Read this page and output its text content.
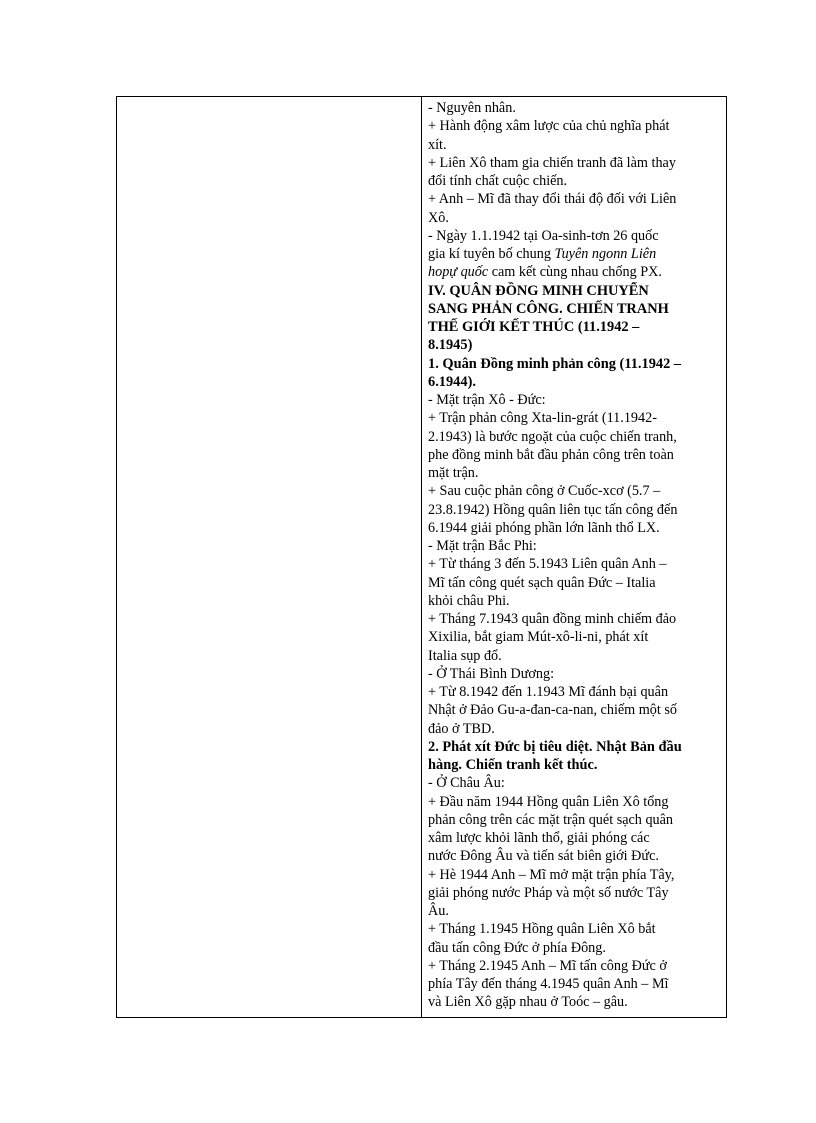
- Nguyên nhân.
+ Hành động xâm lược của chủ nghĩa phát
xít.
+ Liên Xô tham gia chiến tranh đã làm thay
đổi tính chất cuộc chiến.
+ Anh – Mĩ đã thay đổi thái độ đối với Liên
Xô.
- Ngày 1.1.1942 tại Oa-sinh-tơn 26 quốc
gia kí tuyên bố chung Tuyên ngonn Liên
hopự quốc cam kết cùng nhau chống PX.
IV. QUÂN ĐỒNG MINH CHUYỂN
SANG PHẢN CÔNG. CHIẾN TRANH
THẾ GIỚI KẾT THÚC (11.1942 –
8.1945)
1. Quân Đồng minh phản công (11.1942 –
6.1944).
- Mặt trận Xô - Đức:
+ Trận phản công Xta-lin-grát (11.1942-
2.1943) là bước ngoặt của cuộc chiến tranh,
phe đồng minh bắt đầu phản công trên toàn
mặt trận.
+ Sau cuộc phản công ở Cuốc-xcơ (5.7 –
23.8.1942) Hồng quân liên tục tấn công đến
6.1944 giải phóng phần lớn lãnh thổ LX.
- Mặt trận Bắc Phi:
+ Từ tháng 3 đến 5.1943 Liên quân Anh –
Mĩ tấn công quét sạch quân Đức – Italia
khỏi châu Phi.
+ Tháng 7.1943 quân đồng minh chiếm đảo
Xixilia, bắt giam Mút-xô-li-ni, phát xít
Italia sụp đổ.
- Ở Thái Bình Dương:
+ Từ 8.1942 đến 1.1943 Mĩ đánh bại quân
Nhật ở Đảo Gu-a-đan-ca-nan, chiếm một số
đảo ở TBD.
2. Phát xít Đức bị tiêu diệt. Nhật Bản đầu
hàng. Chiến tranh kết thúc.
- Ở Châu Âu:
+ Đầu năm 1944 Hồng quân Liên Xô tổng
phản công trên các mặt trận quét sạch quân
xâm lược khỏi lãnh thổ, giải phóng các
nước Đông Âu và tiến sát biên giới Đức.
+ Hè 1944 Anh – Mĩ mở mặt trận phía Tây,
giải phóng nước Pháp và một số nước Tây
Âu.
+ Tháng 1.1945 Hồng quân Liên Xô bắt
đầu tấn công Đức ở phía Đông.
+ Tháng 2.1945 Anh – Mĩ tấn công Đức ở
phía Tây đến tháng 4.1945 quân Anh – Mĩ
và Liên Xô gặp nhau ở Toóc – gâu.
